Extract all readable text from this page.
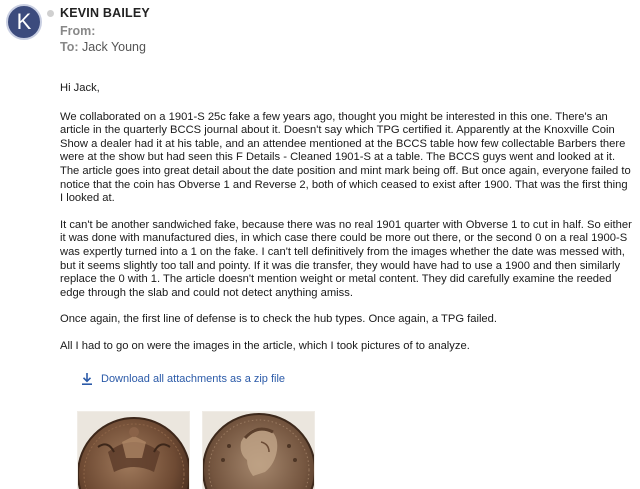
K KEVIN BAILEY
From:
To: Jack Young

Hi Jack,

We collaborated on a 1901-S 25c fake a few years ago, thought you might be interested in this one. There's an article in the quarterly BCCS journal about it. Doesn't say which TPG certified it. Apparently at the Knoxville Coin Show a dealer had it at his table, and an attendee mentioned at the BCCS table how few collectable Barbers there were at the show but had seen this F Details - Cleaned 1901-S at a table. The BCCS guys went and looked at it. The article goes into great detail about the date position and mint mark being off. But once again, everyone failed to notice that the coin has Obverse 1 and Reverse 2, both of which ceased to exist after 1900. That was the first thing I looked at.

It can't be another sandwiched fake, because there was no real 1901 quarter with Obverse 1 to cut in half. So either it was done with manufactured dies, in which case there could be more out there, or the second 0 on a real 1900-S was expertly turned into a 1 on the fake. I can't tell definitively from the images whether the date was messed with, but it seems slightly too tall and pointy. If it was die transfer, they would have had to use a 1900 and then similarly replace the 0 with 1. The article doesn't mention weight or metal content. They did carefully examine the reeded edge through the slab and could not detect anything amiss.

Once again, the first line of defense is to check the hub types. Once again, a TPG failed.

All I had to go on were the images in the article, which I took pictures of to analyze.

Download all attachments as a zip file
